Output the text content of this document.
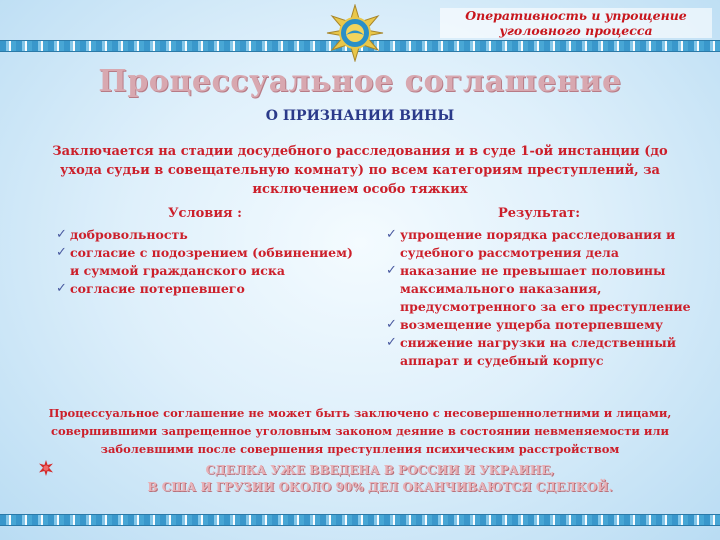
Оперативность и упрощение
уголовного процесса
Процессуальное соглашение
О ПРИЗНАНИИ ВИНЫ
Заключается на стадии досудебного расследования и в суде 1-ой инстанции (до
ухода судьи в совещательную комнату) по всем категориям преступлений, за
исключением особо тяжких
Условия :	Результат:
✓ добровольность
✓ согласие с подозрением (обвинением)
и суммой гражданского иска
✓ согласие потерпевшего
✓ упрощение порядка расследования и
судебного рассмотрения дела
✓ наказание не превышает половины
максимального наказания,
предусмотренного за его преступление
✓ возмещение ущерба потерпевшему
✓ снижение нагрузки на следственный
аппарат и судебный корпус
Процессуальное соглашение не может быть заключено с несовершеннолетними и лицами,
совершившими запрещенное уголовным законом деяние в состоянии невменяемости или
заболевшими после совершения преступления психическим расстройством
СДЕЛКА УЖЕ ВВЕДЕНА В РОССИИ И УКРАИНЕ,
В США И ГРУЗИИ ОКОЛО 90% ДЕЛ ОКАНЧИВАЮТСЯ СДЕЛКОЙ.
